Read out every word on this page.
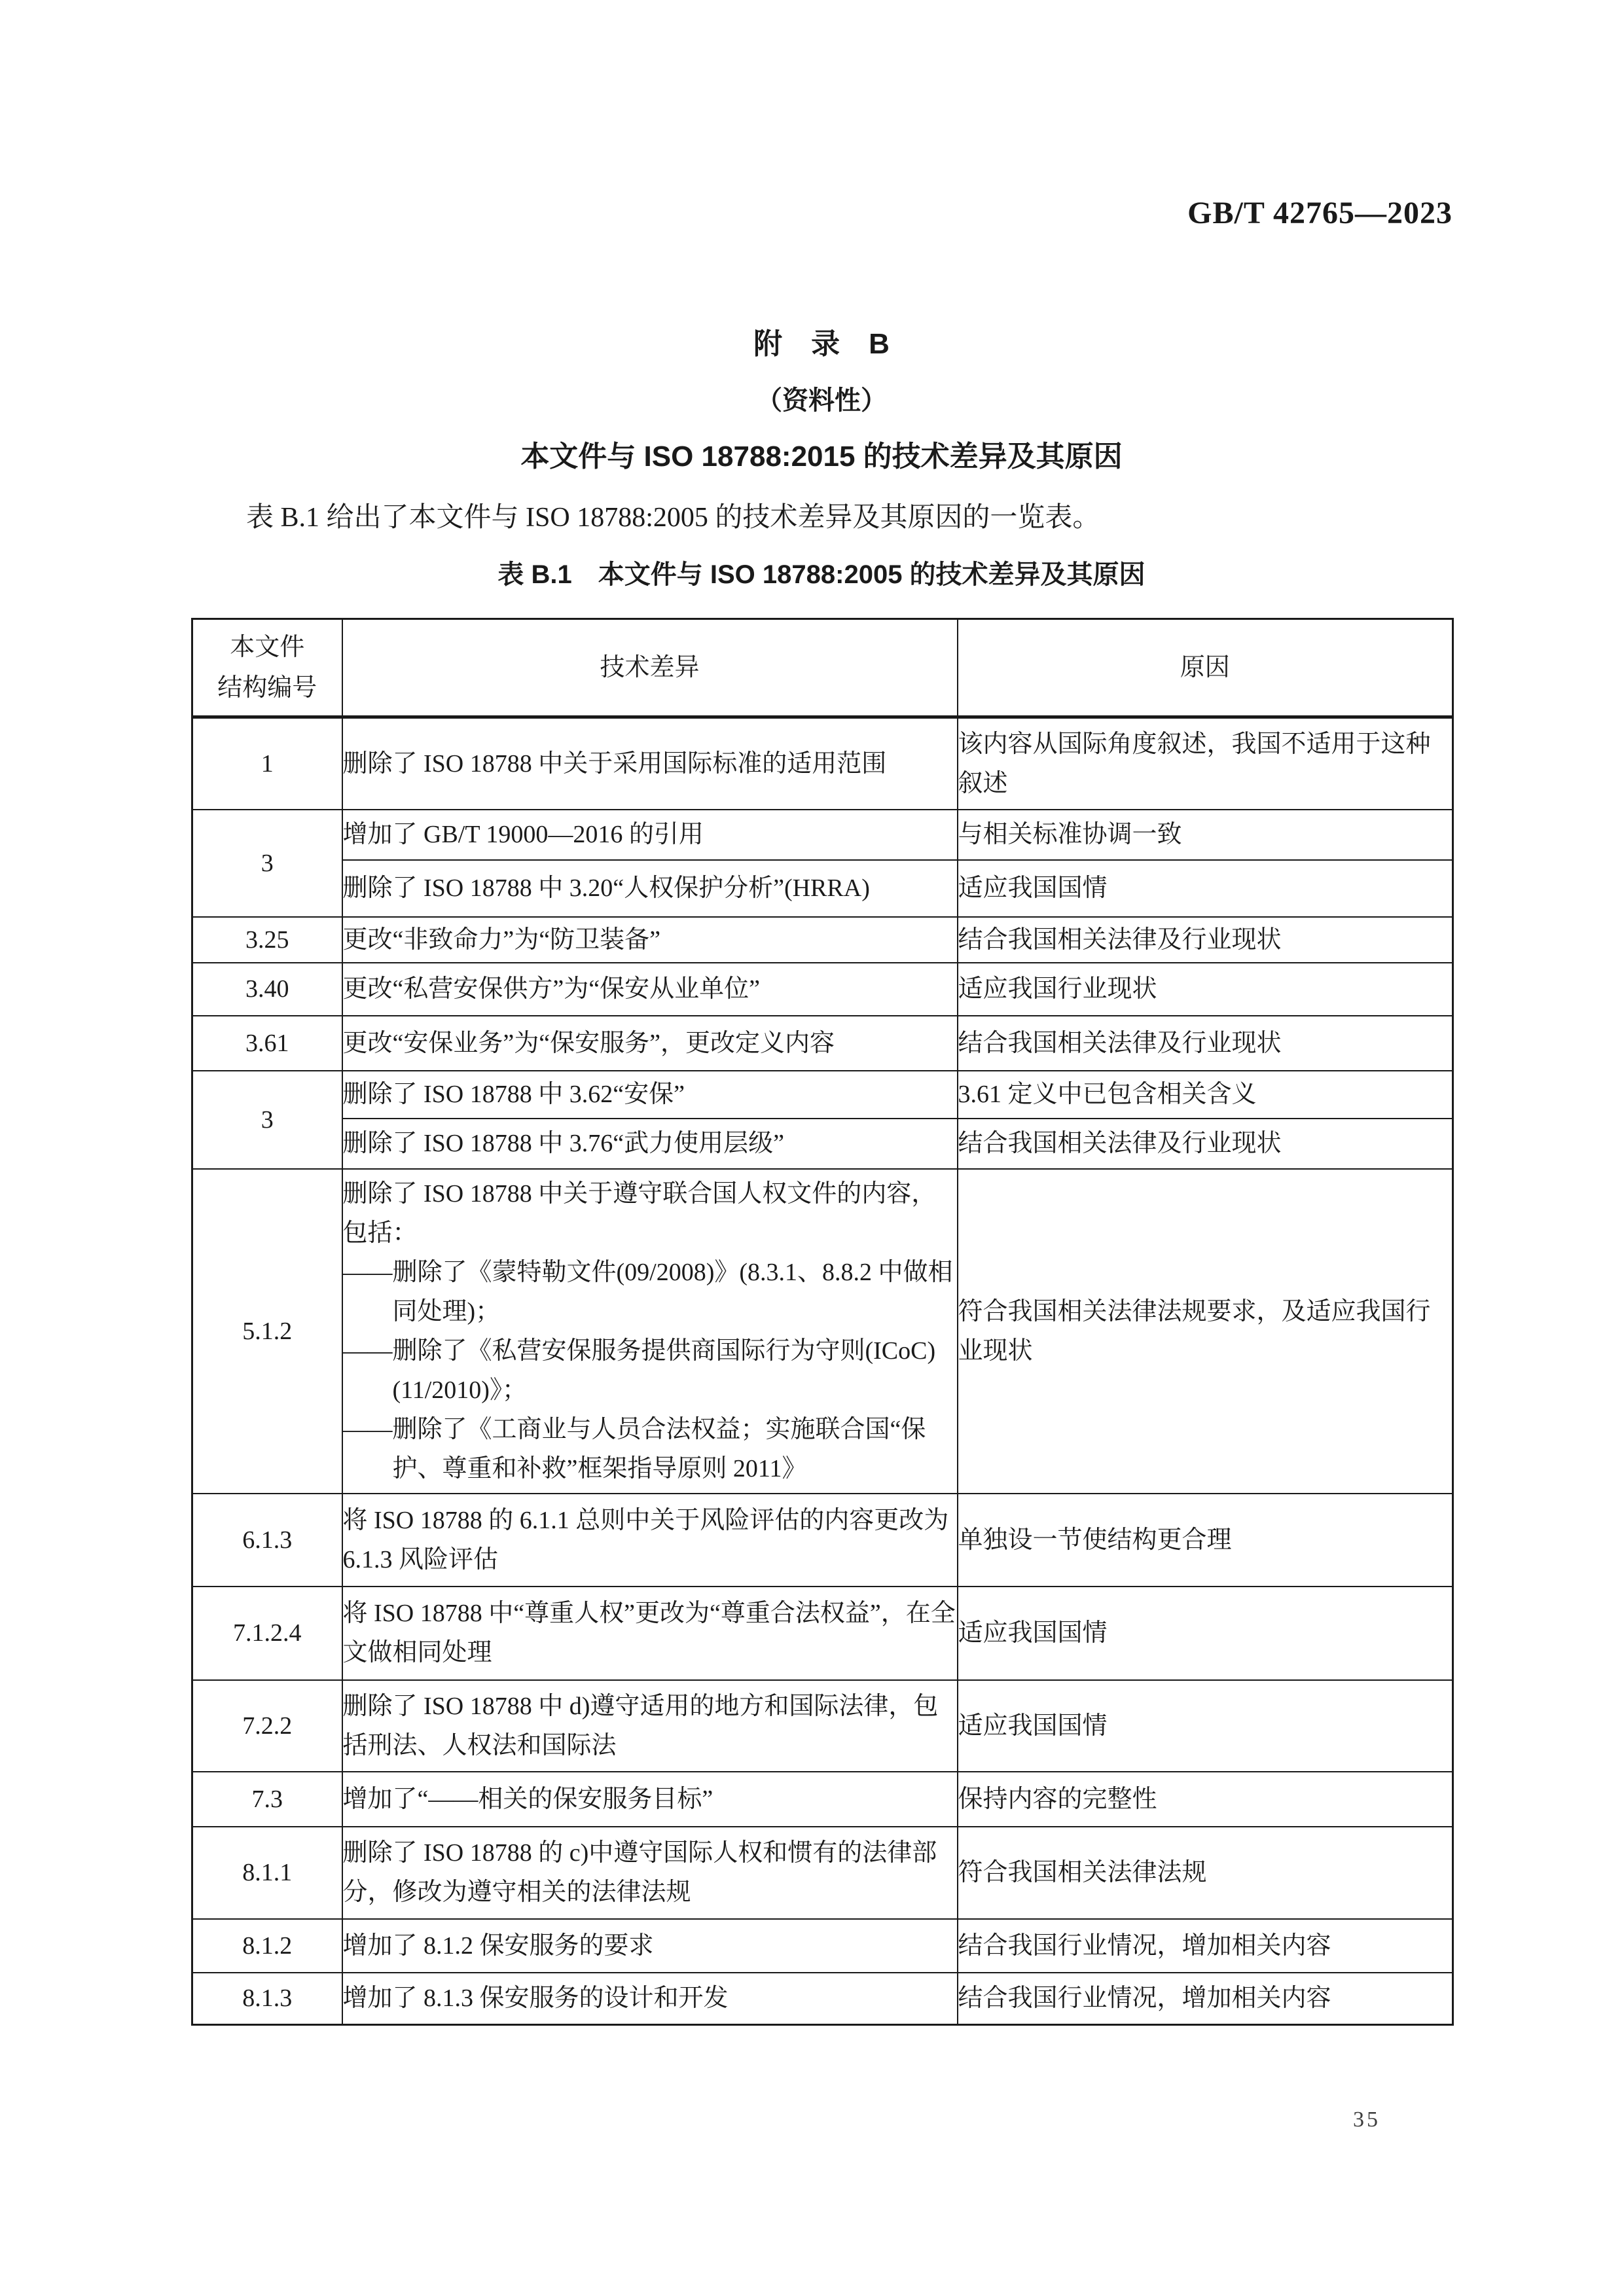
GB/T 42765—2023
附　录　B
（资料性）
本文件与 ISO 18788:2015 的技术差异及其原因

表 B.1 给出了本文件与 ISO 18788:2005 的技术差异及其原因的一览表。

表 B.1　本文件与 ISO 18788:2005 的技术差异及其原因
本文件
结构编号	技术差异	原因
1	删除了 ISO 18788 中关于采用国际标准的适用范围	该内容从国际角度叙述，我国不适用于这种叙述
3	增加了 GB/T 19000—2016 的引用	与相关标准协调一致
	删除了 ISO 18788 中 3.20“人权保护分析”(HRRA)	适应我国国情
3.25	更改“非致命力”为“防卫装备”	结合我国相关法律及行业现状
3.40	更改“私营安保供方”为“保安从业单位”	适应我国行业现状
3.61	更改“安保业务”为“保安服务”，更改定义内容	结合我国相关法律及行业现状
3	删除了 ISO 18788 中 3.62“安保”	3.61 定义中已包含相关含义
	删除了 ISO 18788 中 3.76“武力使用层级”	结合我国相关法律及行业现状
5.1.2	删除了 ISO 18788 中关于遵守联合国人权文件的内容，包括：
——删除了《蒙特勒文件(09/2008)》(8.3.1、8.8.2 中做相同处理)；
——删除了《私营安保服务提供商国际行为守则(ICoC)(11/2010)》；
——删除了《工商业与人员合法权益；实施联合国“保护、尊重和补救”框架指导原则 2011》	符合我国相关法律法规要求，及适应我国行业现状
6.1.3	将 ISO 18788 的 6.1.1 总则中关于风险评估的内容更改为 6.1.3 风险评估	单独设一节使结构更合理
7.1.2.4	将 ISO 18788 中“尊重人权”更改为“尊重合法权益”，在全文做相同处理	适应我国国情
7.2.2	删除了 ISO 18788 中 d)遵守适用的地方和国际法律，包括刑法、人权法和国际法	适应我国国情
7.3	增加了“——相关的保安服务目标”	保持内容的完整性
8.1.1	删除了 ISO 18788 的 c)中遵守国际人权和惯有的法律部分，修改为遵守相关的法律法规	符合我国相关法律法规
8.1.2	增加了 8.1.2 保安服务的要求	结合我国行业情况，增加相关内容
8.1.3	增加了 8.1.3 保安服务的设计和开发	结合我国行业情况，增加相关内容
35
